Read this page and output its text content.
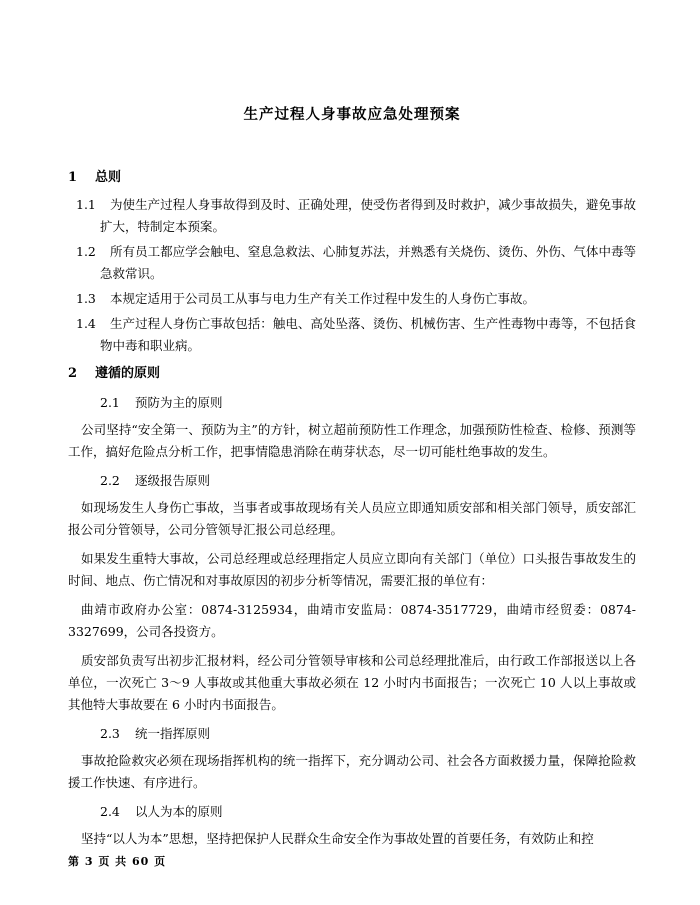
生产过程人身事故应急处理预案
1 总则
1.1 为使生产过程人身事故得到及时、正确处理，使受伤者得到及时救护，减少事故损失，避免事故扩大，特制定本预案。
1.2 所有员工都应学会触电、窒息急救法、心肺复苏法，并熟悉有关烧伤、烫伤、外伤、气体中毒等急救常识。
1.3 本规定适用于公司员工从事与电力生产有关工作过程中发生的人身伤亡事故。
1.4 生产过程人身伤亡事故包括：触电、高处坠落、烫伤、机械伤害、生产性毒物中毒等，不包括食物中毒和职业病。
2 遵循的原则
2.1 预防为主的原则
公司坚持“安全第一、预防为主”的方针，树立超前预防性工作理念，加强预防性检查、检修、预测等工作，搞好危险点分析工作，把事情隐患消除在萌芽状态，尽一切可能杜绝事故的发生。
2.2 逐级报告原则
如现场发生人身伤亡事故，当事者或事故现场有关人员应立即通知质安部和相关部门领导，质安部汇报公司分管领导，公司分管领导汇报公司总经理。
如果发生重特大事故，公司总经理或总经理指定人员应立即向有关部门（单位）口头报告事故发生的时间、地点、伤亡情况和对事故原因的初步分析等情况，需要汇报的单位有：
曲靖市政府办公室：0874-3125934，曲靖市安监局：0874-3517729，曲靖市经贸委：0874-3327699，公司各投资方。
质安部负责写出初步汇报材料，经公司分管领导审核和公司总经理批准后，由行政工作部报送以上各单位，一次死亡 3～9 人事故或其他重大事故必须在 12 小时内书面报告；一次死亡 10 人以上事故或其他特大事故要在 6 小时内书面报告。
2.3 统一指挥原则
事故抢险救灾必须在现场指挥机构的统一指挥下，充分调动公司、社会各方面救援力量，保障抢险救援工作快速、有序进行。
2.4 以人为本的原则
坚持“以人为本”思想，坚持把保护人民群众生命安全作为事故处置的首要任务，有效防止和控
第 3 页 共 60 页
